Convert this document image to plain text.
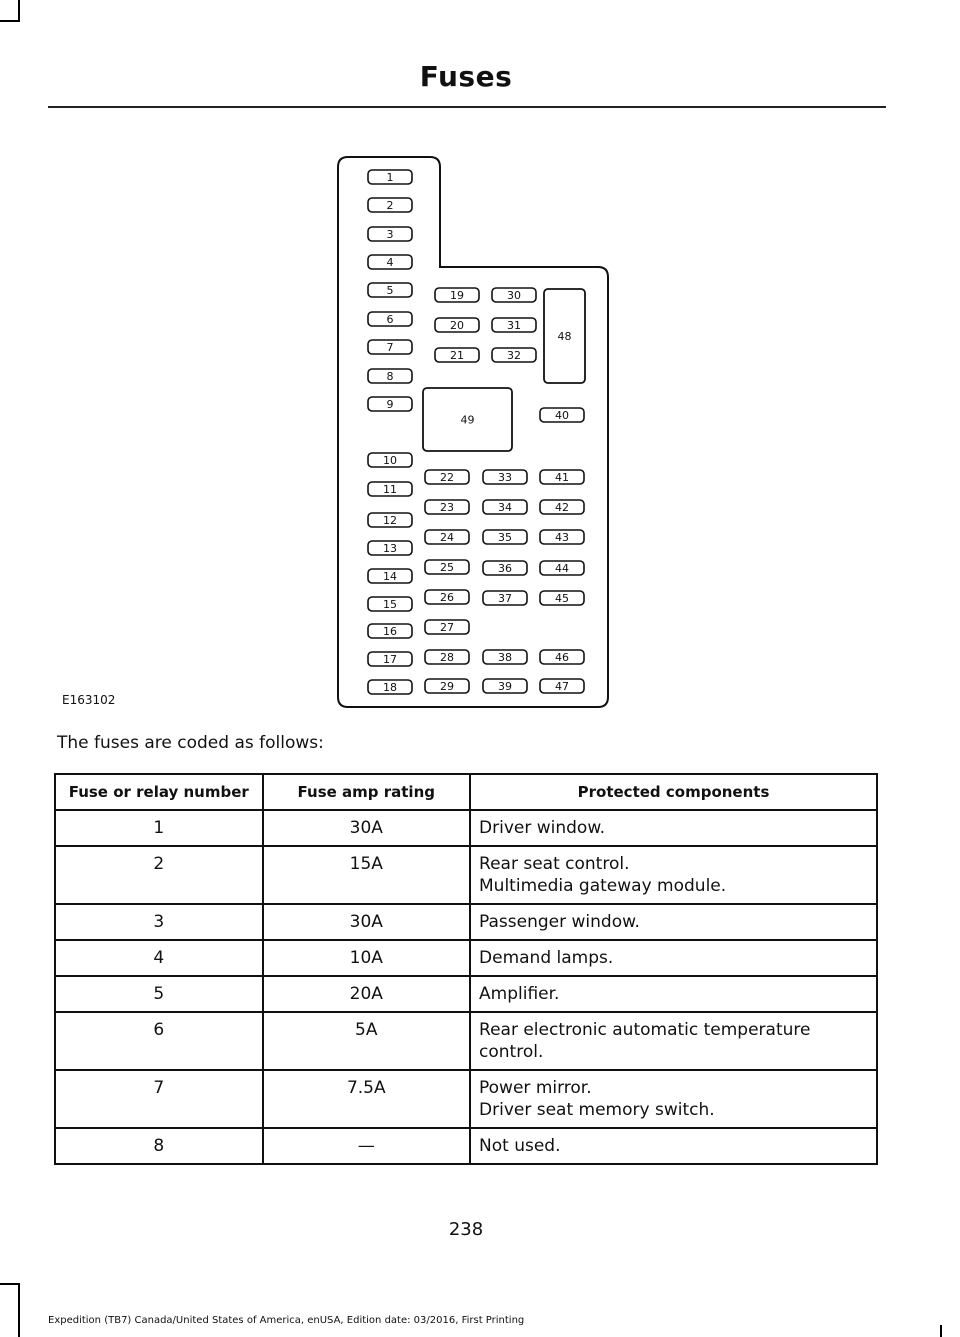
Fuses
1
2
3
4
5
6
7
8
9
10
11
12
13
14
15
16
17
18
19
20
21
30
31
32
22
23
24
25
26
27
28
29
33
34
35
36
37
38
39
40
41
42
43
44
45
46
47
48
49
E163102
The fuses are coded as follows:
Fuse or relay number	Fuse amp rating	Protected components
1	30A	Driver window.

2	15A	Rear seat control.
Multimedia gateway module.

3	30A	Passenger window.

4	10A	Demand lamps.

5	20A	Amplifier.

6	5A	Rear electronic automatic temperature control.

7	7.5A	Power mirror.
Driver seat memory switch.

8	—	Not used.
238
Expedition (TB7) Canada/United States of America, enUSA, Edition date: 03/2016, First Printing
